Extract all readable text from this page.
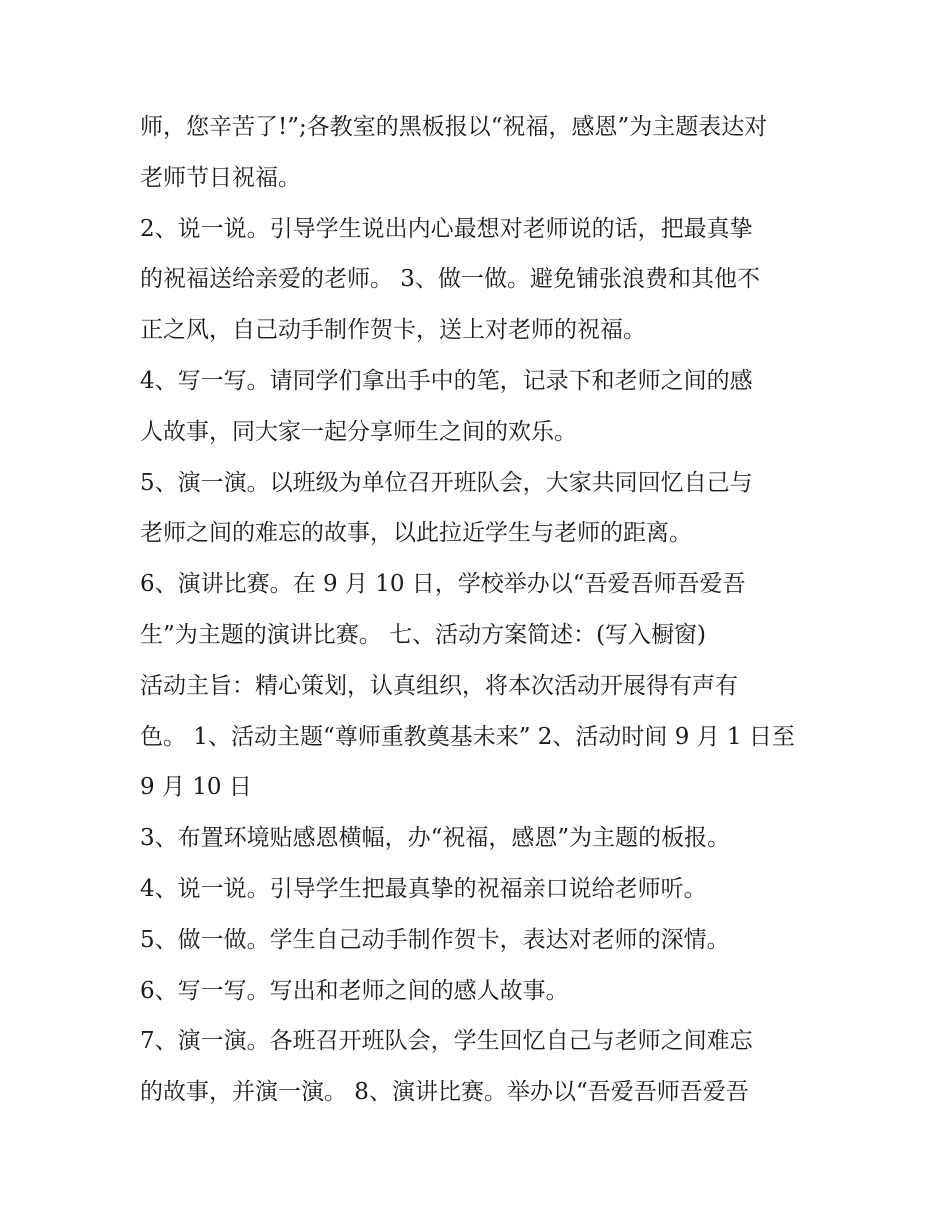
师，您辛苦了!”;各教室的黑板报以“祝福，感恩”为主题表达对
老师节日祝福。
2、说一说。引导学生说出内心最想对老师说的话，把最真挚
的祝福送给亲爱的老师。 3、做一做。避免铺张浪费和其他不
正之风，自己动手制作贺卡，送上对老师的祝福。
4、写一写。请同学们拿出手中的笔，记录下和老师之间的感
人故事，同大家一起分享师生之间的欢乐。
5、演一演。以班级为单位召开班队会，大家共同回忆自己与
老师之间的难忘的故事，以此拉近学生与老师的距离。
6、演讲比赛。在 9 月 10 日，学校举办以“吾爱吾师吾爱吾
生”为主题的演讲比赛。 七、活动方案简述：(写入橱窗)
活动主旨：精心策划，认真组织，将本次活动开展得有声有
色。 1、活动主题“尊师重教奠基未来” 2、活动时间 9 月 1 日至
9 月 10 日
3、布置环境贴感恩横幅，办“祝福，感恩”为主题的板报。
4、说一说。引导学生把最真挚的祝福亲口说给老师听。
5、做一做。学生自己动手制作贺卡，表达对老师的深情。
6、写一写。写出和老师之间的感人故事。
7、演一演。各班召开班队会，学生回忆自己与老师之间难忘
的故事，并演一演。 8、演讲比赛。举办以“吾爱吾师吾爱吾
